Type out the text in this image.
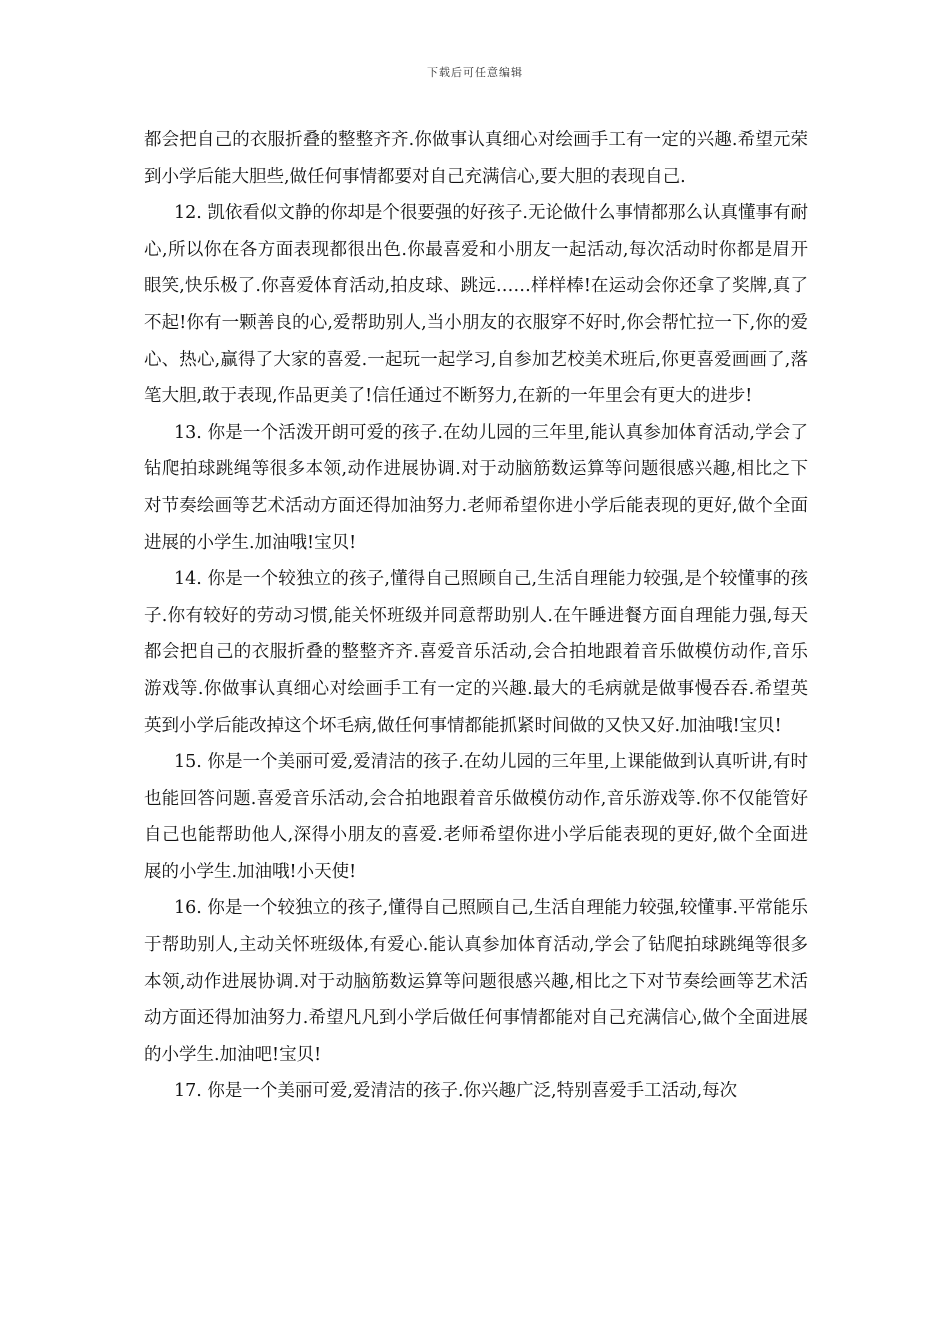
下载后可任意编辑

都会把自己的衣服折叠的整整齐齐.你做事认真细心对绘画手工有一定的兴趣.希望元荣到小学后能大胆些,做任何事情都要对自己充满信心,要大胆的表现自己.

12. 凯依看似文静的你却是个很要强的好孩子.无论做什么事情都那么认真懂事有耐心,所以你在各方面表现都很出色.你最喜爱和小朋友一起活动,每次活动时你都是眉开眼笑,快乐极了.你喜爱体育活动,拍皮球、跳远……样样棒!在运动会你还拿了奖牌,真了不起!你有一颗善良的心,爱帮助别人,当小朋友的衣服穿不好时,你会帮忙拉一下,你的爱心、热心,赢得了大家的喜爱.一起玩一起学习,自参加艺校美术班后,你更喜爱画画了,落笔大胆,敢于表现,作品更美了!信任通过不断努力,在新的一年里会有更大的进步!

13. 你是一个活泼开朗可爱的孩子.在幼儿园的三年里,能认真参加体育活动,学会了钻爬拍球跳绳等很多本领,动作进展协调.对于动脑筋数运算等问题很感兴趣,相比之下对节奏绘画等艺术活动方面还得加油努力.老师希望你进小学后能表现的更好,做个全面进展的小学生.加油哦!宝贝!

14. 你是一个较独立的孩子,懂得自己照顾自己,生活自理能力较强,是个较懂事的孩子.你有较好的劳动习惯,能关怀班级并同意帮助别人.在午睡进餐方面自理能力强,每天都会把自己的衣服折叠的整整齐齐.喜爱音乐活动,会合拍地跟着音乐做模仿动作,音乐游戏等.你做事认真细心对绘画手工有一定的兴趣.最大的毛病就是做事慢吞吞.希望英英到小学后能改掉这个坏毛病,做任何事情都能抓紧时间做的又快又好.加油哦!宝贝!

15. 你是一个美丽可爱,爱清洁的孩子.在幼儿园的三年里,上课能做到认真听讲,有时也能回答问题.喜爱音乐活动,会合拍地跟着音乐做模仿动作,音乐游戏等.你不仅能管好自己也能帮助他人,深得小朋友的喜爱.老师希望你进小学后能表现的更好,做个全面进展的小学生.加油哦!小天使!

16. 你是一个较独立的孩子,懂得自己照顾自己,生活自理能力较强,较懂事.平常能乐于帮助别人,主动关怀班级体,有爱心.能认真参加体育活动,学会了钻爬拍球跳绳等很多本领,动作进展协调.对于动脑筋数运算等问题很感兴趣,相比之下对节奏绘画等艺术活动方面还得加油努力.希望凡凡到小学后做任何事情都能对自己充满信心,做个全面进展的小学生.加油吧!宝贝!

17. 你是一个美丽可爱,爱清洁的孩子.你兴趣广泛,特别喜爱手工活动,每次
